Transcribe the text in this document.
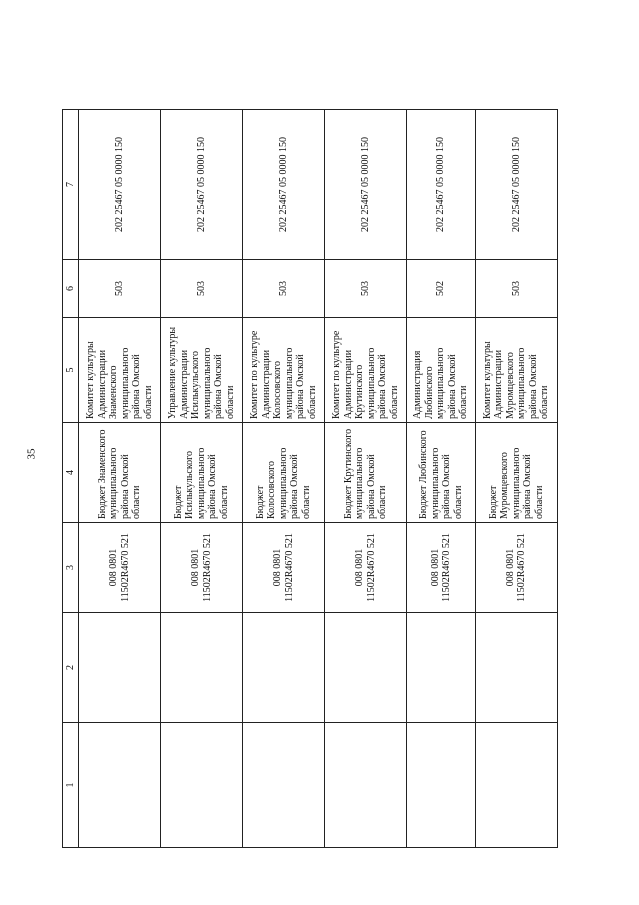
35
1	2	3	4	5	6	7
		008 0801 11502R4670 521	Бюджет Знаменского муниципального района Омской области	Комитет культуры Администрации Знаменского муниципального района Омской области	503	202 25467 05 0000 150
		008 0801 11502R4670 521	Бюджет Исилькульского муниципального района Омской области	Управление культуры Администрации Исилькульского муниципального района Омской области	503	202 25467 05 0000 150
		008 0801 11502R4670 521	Бюджет Колосовского муниципального района Омской области	Комитет по культуре Администрации Колосовского муниципального района Омской области	503	202 25467 05 0000 150
		008 0801 11502R4670 521	Бюджет Крутинского муниципального района Омской области	Комитет по культуре Администрации Крутинского муниципального района Омской области	503	202 25467 05 0000 150
		008 0801 11502R4670 521	Бюджет Любинского муниципального района Омской области	Администрация Любинского муниципального района Омской области	502	202 25467 05 0000 150
		008 0801 11502R4670 521	Бюджет Муромцевского муниципального района Омской области	Комитет культуры Администрации Муромцевского муниципального района Омской области	503	202 25467 05 0000 150
